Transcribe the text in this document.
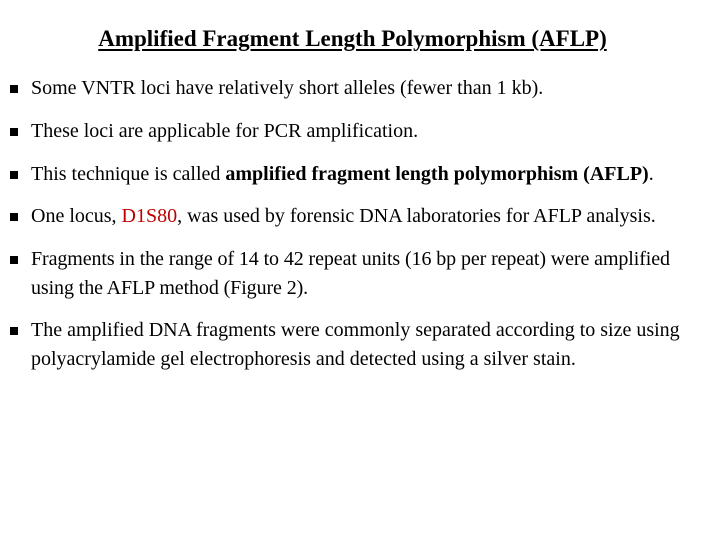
Amplified Fragment Length Polymorphism (AFLP)
Some VNTR loci have relatively short alleles (fewer than 1 kb).
These loci are applicable for PCR amplification.
This technique is called amplified fragment length polymorphism (AFLP).
One locus, D1S80, was used by forensic DNA laboratories for AFLP analysis.
Fragments in the range of 14 to 42 repeat units (16 bp per repeat) were amplified using the AFLP method (Figure 2).
The amplified DNA fragments were commonly separated according to size using polyacrylamide gel electrophoresis and detected using a silver stain.
